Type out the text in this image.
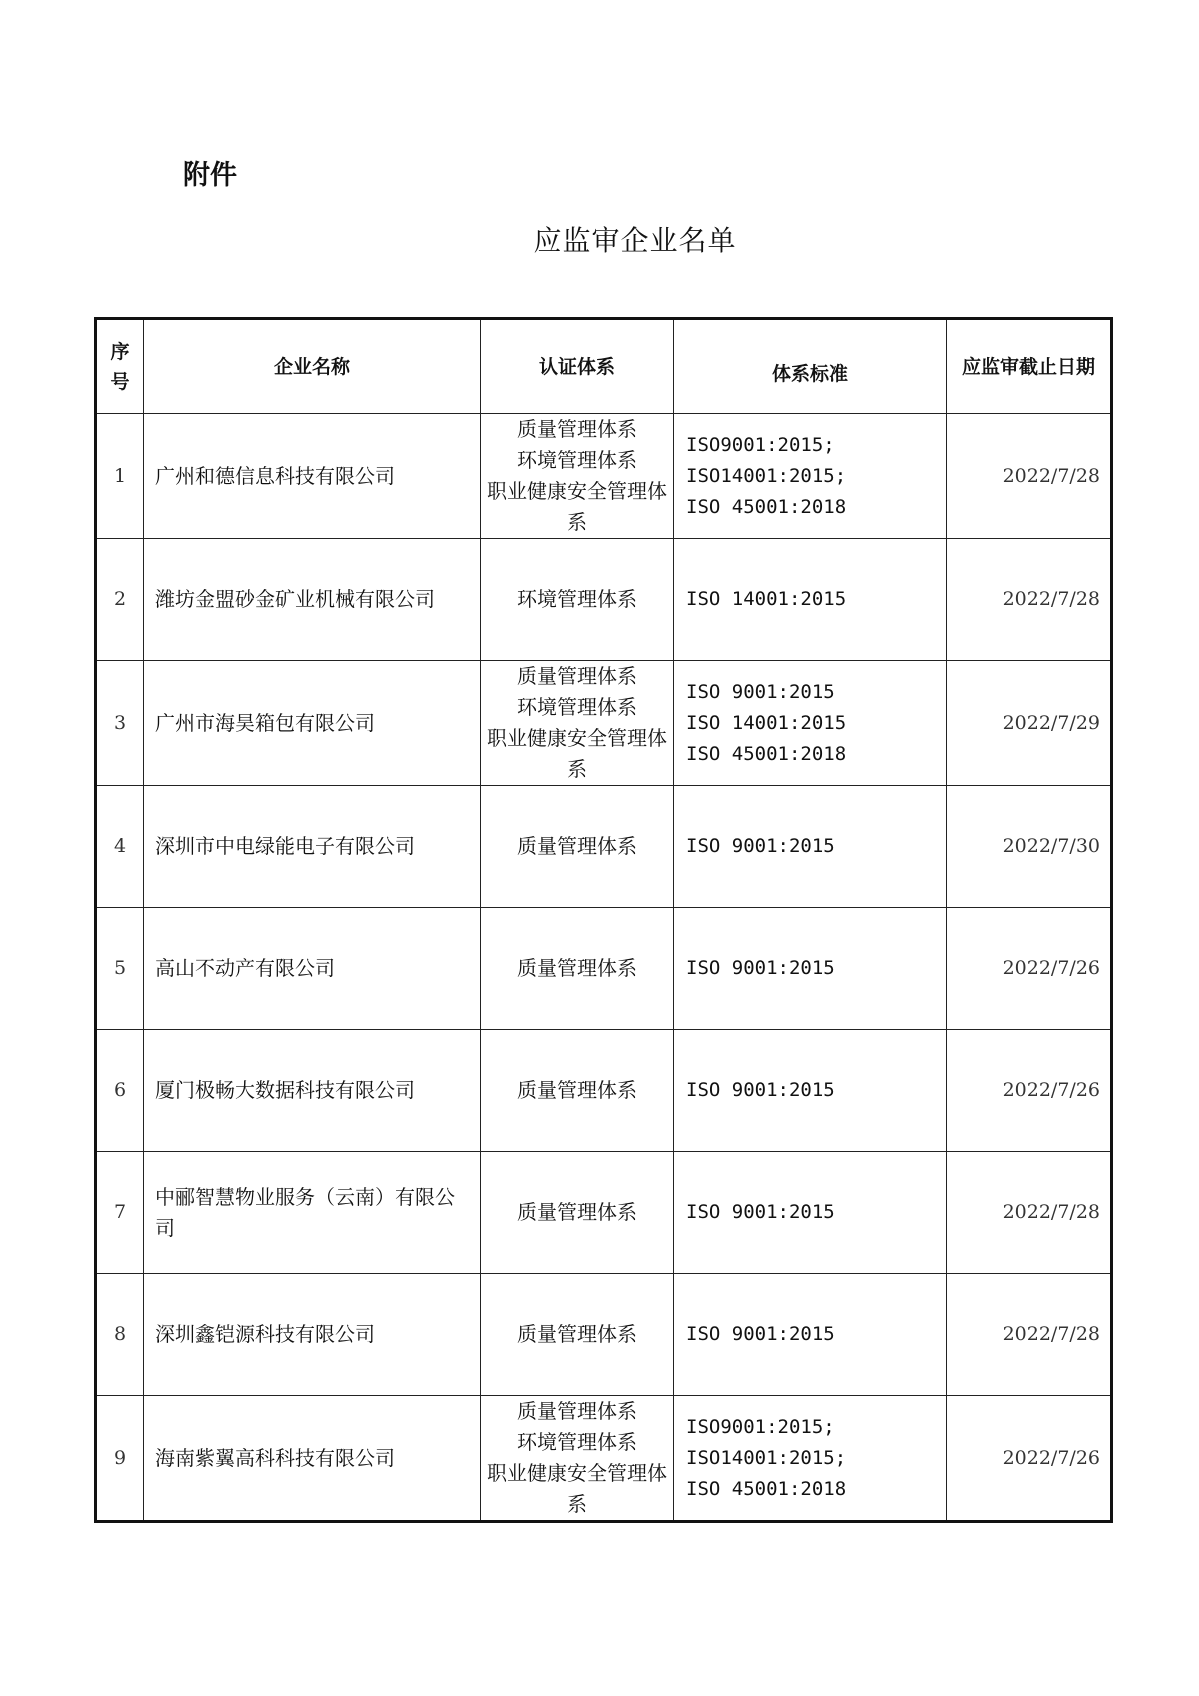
附件
应监审企业名单
序
号	企业名称	认证体系	体系标准	应监审截止日期
1	广州和德信息科技有限公司	质量管理体系
环境管理体系
职业健康安全管理体系	ISO9001:2015;
ISO14001:2015;
ISO 45001:2018	2022/7/28
2	潍坊金盟砂金矿业机械有限公司	环境管理体系	ISO 14001:2015	2022/7/28
3	广州市海昊箱包有限公司	质量管理体系
环境管理体系
职业健康安全管理体系	ISO 9001:2015
ISO 14001:2015
ISO 45001:2018	2022/7/29
4	深圳市中电绿能电子有限公司	质量管理体系	ISO 9001:2015	2022/7/30
5	高山不动产有限公司	质量管理体系	ISO 9001:2015	2022/7/26
6	厦门极畅大数据科技有限公司	质量管理体系	ISO 9001:2015	2022/7/26
7	中郦智慧物业服务（云南）有限公司	质量管理体系	ISO 9001:2015	2022/7/28
8	深圳鑫铠源科技有限公司	质量管理体系	ISO 9001:2015	2022/7/28
9	海南紫翼高科科技有限公司	质量管理体系
环境管理体系
职业健康安全管理体系	ISO9001:2015;
ISO14001:2015;
ISO 45001:2018	2022/7/26
